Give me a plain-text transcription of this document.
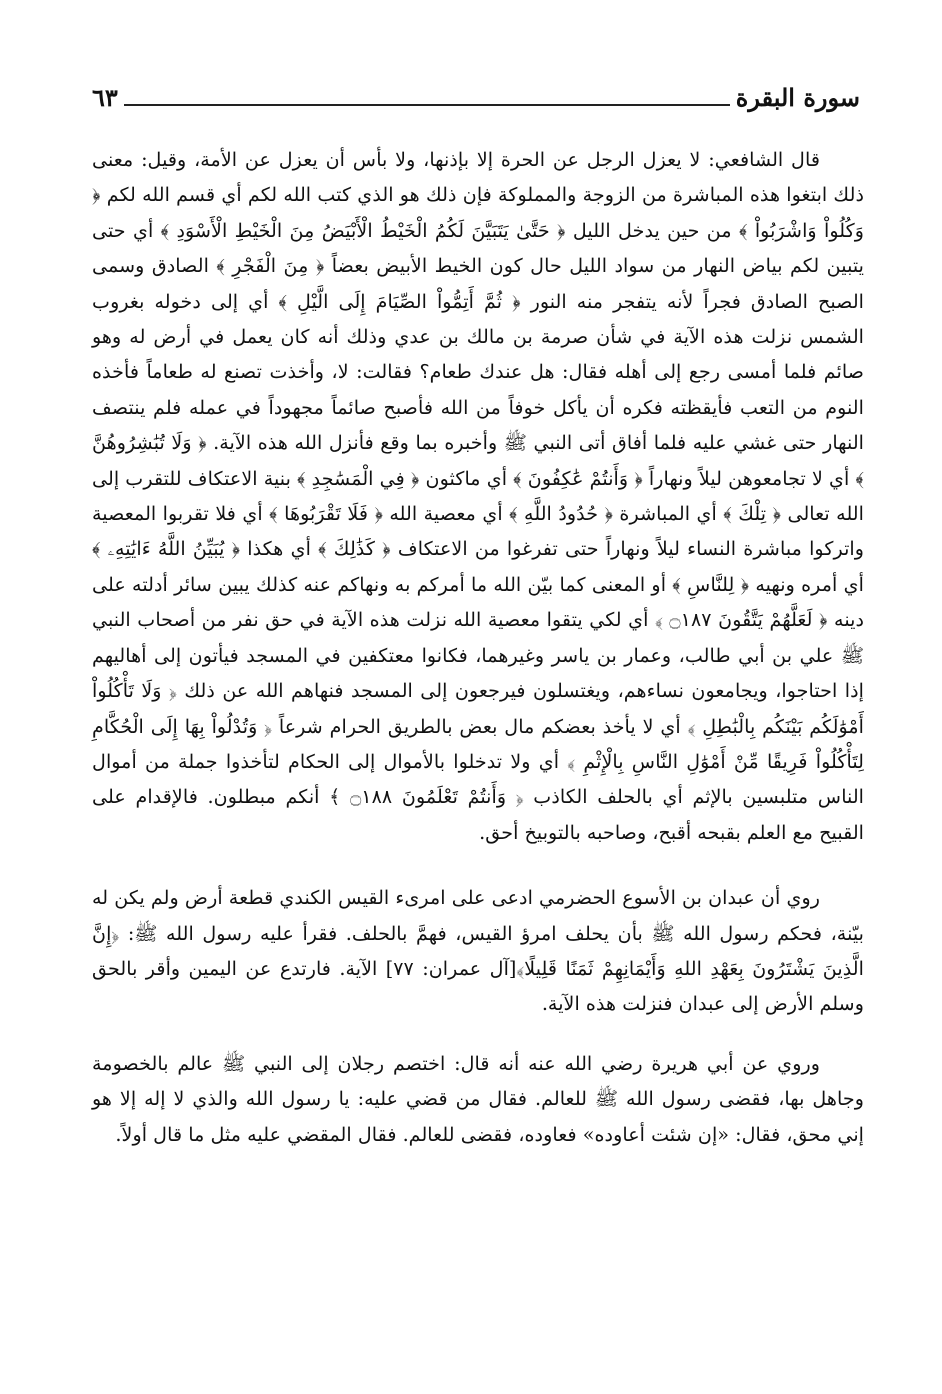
سورة البقرة
٦٣

قال الشافعي: لا يعزل الرجل عن الحرة إلا بإذنها، ولا بأس أن يعزل عن الأمة، وقيل: معنى ذلك ابتغوا هذه المباشرة من الزوجة والمملوكة فإن ذلك هو الذي كتب الله لكم أي قسم الله لكم ﴿ وَكُلُواْ وَاشْرَبُواْ ﴾ من حين يدخل الليل ﴿ حَتَّىٰ يَتَبَيَّنَ لَكُمُ الْخَيْطُ الْأَبْيَضُ مِنَ الْخَيْطِ الْأَسْوَدِ ﴾ أي حتى يتبين لكم بياض النهار من سواد الليل حال كون الخيط الأبيض بعضاً ﴿ مِنَ الْفَجْرِ ﴾ الصادق وسمى الصبح الصادق فجراً لأنه يتفجر منه النور ﴿ ثُمَّ أَتِمُّواْ الصِّيَامَ إِلَى الَّيْلِ ﴾ أي إلى دخوله بغروب الشمس نزلت هذه الآية في شأن صرمة بن مالك بن عدي وذلك أنه كان يعمل في أرض له وهو صائم فلما أمسى رجع إلى أهله فقال: هل عندك طعام؟ فقالت: لا، وأخذت تصنع له طعاماً فأخذه النوم من التعب فأيقظته فكره أن يأكل خوفاً من الله فأصبح صائماً مجهوداً في عمله فلم ينتصف النهار حتى غشي عليه فلما أفاق أتى النبي ﷺ وأخبره بما وقع فأنزل الله هذه الآية. ﴿ وَلَا تُبَٰشِرُوهُنَّ ﴾ أي لا تجامعوهن ليلاً ونهاراً ﴿ وَأَنتُمْ عَٰكِفُونَ ﴾ أي ماكثون ﴿ فِي الْمَسَٰجِدِ ﴾ بنية الاعتكاف للتقرب إلى الله تعالى ﴿ تِلْكَ ﴾ أي المباشرة ﴿ حُدُودُ اللَّهِ ﴾ أي معصية الله ﴿ فَلَا تَقْرَبُوهَا ﴾ أي فلا تقربوا المعصية واتركوا مباشرة النساء ليلاً ونهاراً حتى تفرغوا من الاعتكاف ﴿ كَذَٰلِكَ ﴾ أي هكذا ﴿ يُبَيِّنُ اللَّهُ ءَايَٰتِهِۦ ﴾ أي أمره ونهيه ﴿ لِلنَّاسِ ﴾ أو المعنى كما بيّن الله ما أمركم به ونهاكم عنه كذلك يبين سائر أدلته على دينه ﴿ لَعَلَّهُمْ يَتَّقُونَ ۝١٨٧ ﴾ أي لكي يتقوا معصية الله نزلت هذه الآية في حق نفر من أصحاب النبي ﷺ علي بن أبي طالب، وعمار بن ياسر وغيرهما، فكانوا معتكفين في المسجد فيأتون إلى أهاليهم إذا احتاجوا، ويجامعون نساءهم، ويغتسلون فيرجعون إلى المسجد فنهاهم الله عن ذلك ﴿ وَلَا تَأْكُلُواْ أَمْوَٰلَكُم بَيْنَكُم بِالْبَٰطِلِ ﴾ أي لا يأخذ بعضكم مال بعض بالطريق الحرام شرعاً ﴿ وَتُدْلُواْ بِهَا إِلَى الْحُكَّامِ لِتَأْكُلُواْ فَرِيقًا مِّنْ أَمْوَٰلِ النَّاسِ بِالْإِثْمِ ﴾ أي ولا تدخلوا بالأموال إلى الحكام لتأخذوا جملة من أموال الناس متلبسين بالإثم أي بالحلف الكاذب ﴿ وَأَنتُمْ تَعْلَمُونَ ۝١٨٨ ﴾ أنكم مبطلون. فالإقدام على القبيح مع العلم بقبحه أقبح، وصاحبه بالتوبيخ أحق.

روي أن عبدان بن الأسوع الحضرمي ادعى على امرىء القيس الكندي قطعة أرض ولم يكن له بيّنة، فحكم رسول الله ﷺ بأن يحلف امرؤ القيس، فهمَّ بالحلف. فقرأ عليه رسول الله ﷺ: ﴿إِنَّ الَّذِينَ يَشْتَرُونَ بِعَهْدِ اللهِ وَأَيْمَانِهِمْ ثَمَنًا قَلِيلًا﴾[آل عمران: ٧٧] الآية. فارتدع عن اليمين وأقر بالحق وسلم الأرض إلى عبدان فنزلت هذه الآية.

وروي عن أبي هريرة رضي الله عنه أنه قال: اختصم رجلان إلى النبي ﷺ عالم بالخصومة وجاهل بها، فقضى رسول الله ﷺ للعالم. فقال من قضي عليه: يا رسول الله والذي لا إله إلا هو إني محق، فقال: «إن شئت أعاوده» فعاوده، فقضى للعالم. فقال المقضي عليه مثل ما قال أولاً.
